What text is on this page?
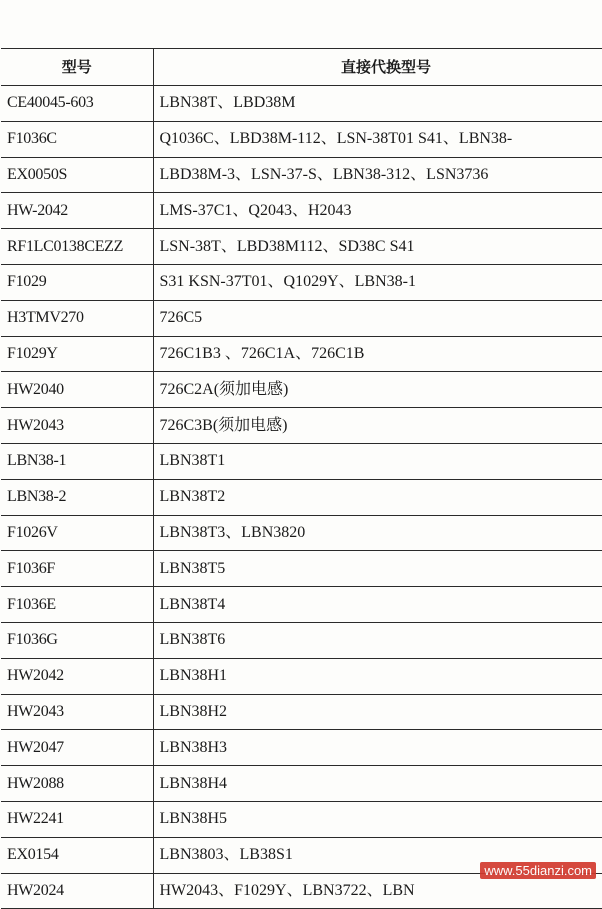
型号	直接代换型号
CE40045-603	LBN38T、LBD38M
F1036C	Q1036C、LBD38M-112、LSN-38T01 S41、LBN38-
EX0050S	LBD38M-3、LSN-37-S、LBN38-312、LSN3736
HW-2042	LMS-37C1、Q2043、H2043
RF1LC0138CEZZ	LSN-38T、LBD38M112、SD38C S41
F1029	S31 KSN-37T01、Q1029Y、LBN38-1
H3TMV270	726C5
F1029Y	726C1B3 、726C1A、726C1B
HW2040	726C2A(须加电感)
HW2043	726C3B(须加电感)
LBN38-1	LBN38T1
LBN38-2	LBN38T2
F1026V	LBN38T3、LBN3820
F1036F	LBN38T5
F1036E	LBN38T4
F1036G	LBN38T6
HW2042	LBN38H1
HW2043	LBN38H2
HW2047	LBN38H3
HW2088	LBN38H4
HW2241	LBN38H5
EX0154	LBN3803、LB38S1
HW2024	HW2043、F1029Y、LBN3722、LBN
www.55dianzi.com
